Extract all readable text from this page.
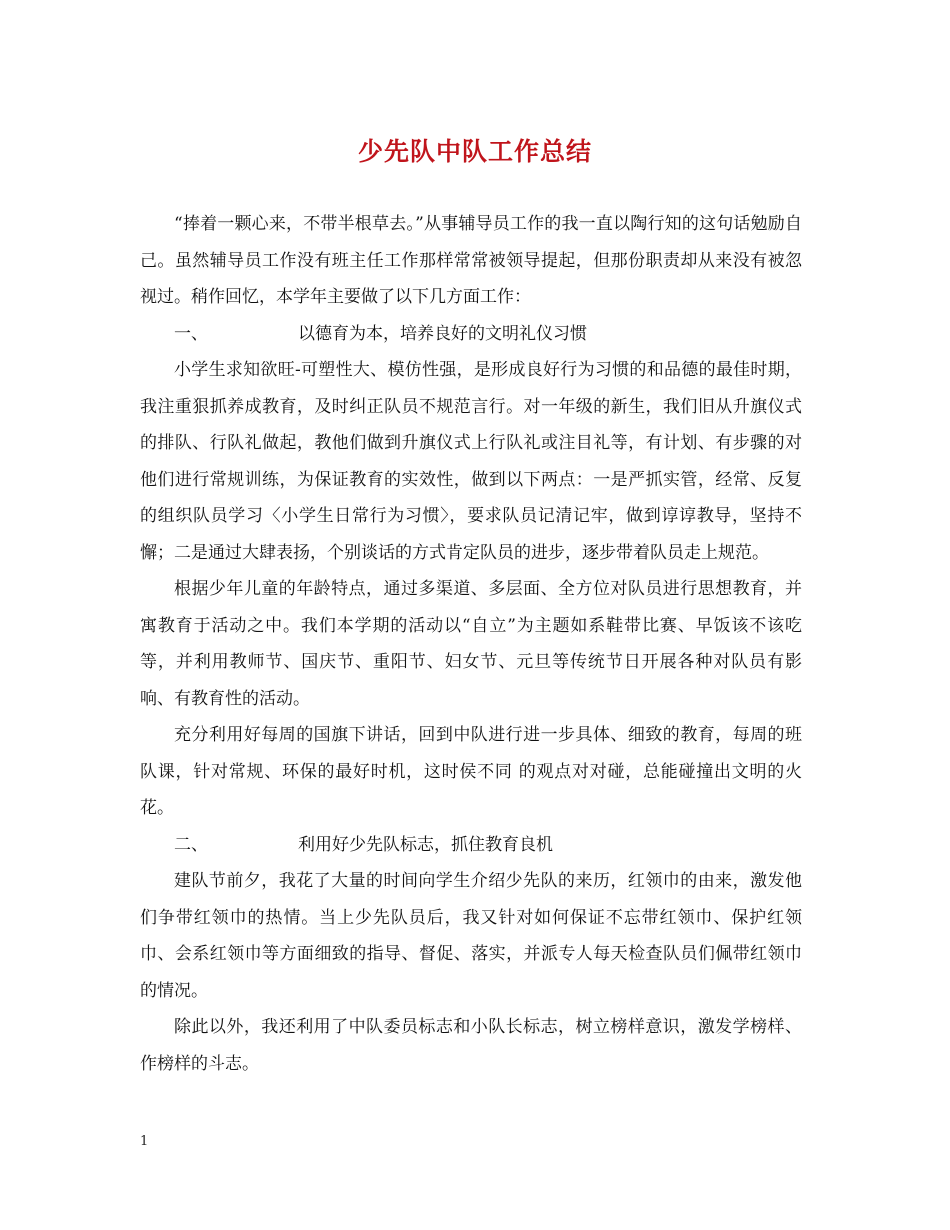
少先队中队工作总结

“捧着一颗心来，不带半根草去。”从事辅导员工作的我一直以陶行知的这句话勉励自己。虽然辅导员工作没有班主任工作那样常常被领导提起，但那份职责却从来没有被忽视过。稍作回忆，本学年主要做了以下几方面工作：

一、	以德育为本，培养良好的文明礼仪习惯

小学生求知欲旺-可塑性大、模仿性强，是形成良好行为习惯的和品德的最佳时期，我注重狠抓养成教育，及时纠正队员不规范言行。对一年级的新生，我们旧从升旗仪式的排队、行队礼做起，教他们做到升旗仪式上行队礼或注目礼等，有计划、有步骤的对他们进行常规训练，为保证教育的实效性，做到以下两点：一是严抓实管，经常、反复的组织队员学习〈小学生日常行为习惯〉，要求队员记清记牢，做到谆谆教导，坚持不懈；二是通过大肆表扬，个别谈话的方式肯定队员的进步，逐步带着队员走上规范。

根据少年儿童的年龄特点，通过多渠道、多层面、全方位对队员进行思想教育，并寓教育于活动之中。我们本学期的活动以“自立”为主题如系鞋带比赛、早饭该不该吃等，并利用教师节、国庆节、重阳节、妇女节、元旦等传统节日开展各种对队员有影响、有教育性的活动。

充分利用好每周的国旗下讲话，回到中队进行进一步具体、细致的教育，每周的班队课，针对常规、环保的最好时机，这时侯不同 的观点对对碰，总能碰撞出文明的火花。

二、	利用好少先队标志，抓住教育良机

建队节前夕，我花了大量的时间向学生介绍少先队的来历，红领巾的由来，激发他们争带红领巾的热情。当上少先队员后，我又针对如何保证不忘带红领巾、保护红领巾、会系红领巾等方面细致的指导、督促、落实，并派专人每天检查队员们佩带红领巾的情况。

除此以外，我还利用了中队委员标志和小队长标志，树立榜样意识，激发学榜样、作榜样的斗志。

1
